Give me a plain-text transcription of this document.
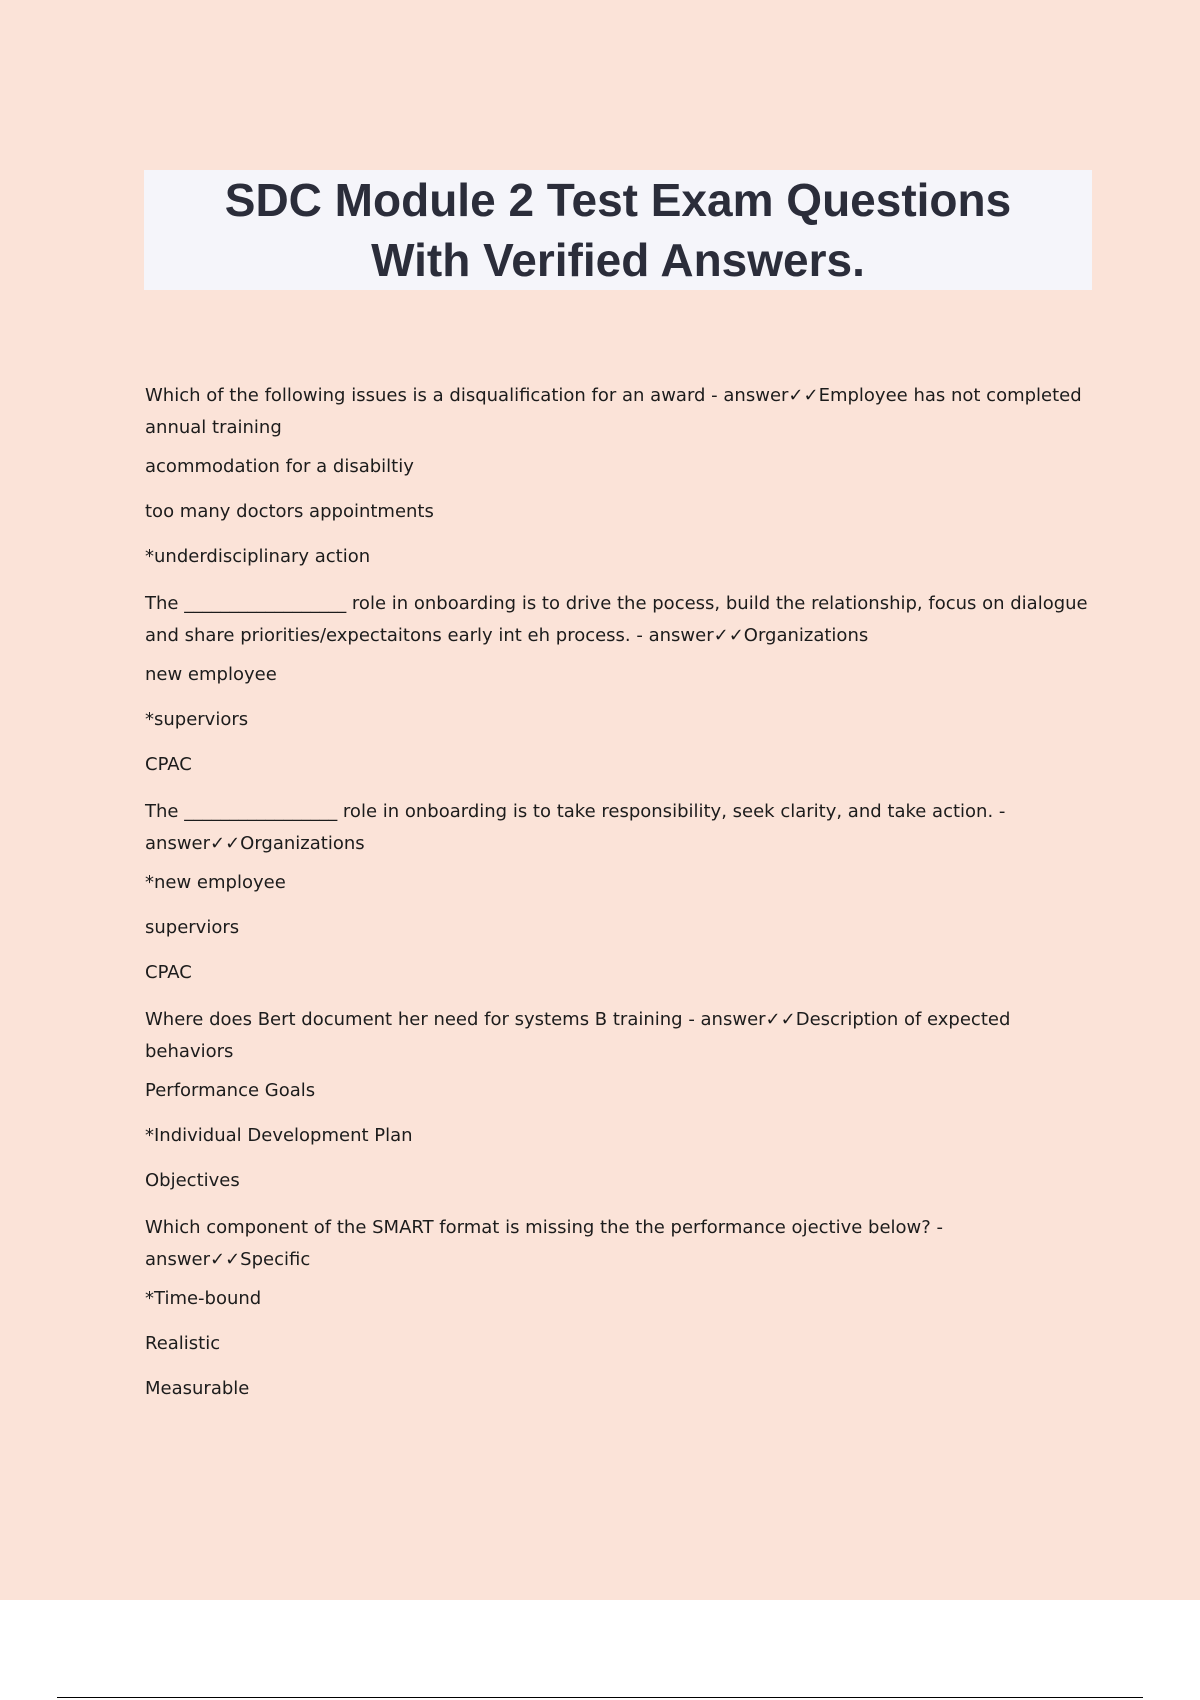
SDC Module 2 Test Exam Questions
With Verified Answers.
Which of the following issues is a disqualification for an award - answer✓✓Employee has not completed annual training
acommodation for a disabiltiy
too many doctors appointments
*underdisciplinary action
The __________________ role in onboarding is to drive the pocess, build the relationship, focus on dialogue and share priorities/expectaitons early int eh process. - answer✓✓Organizations
new employee
*superviors
CPAC
The _________________ role in onboarding is to take responsibility, seek clarity, and take action. - answer✓✓Organizations
*new employee
superviors
CPAC
Where does Bert document her need for systems B training - answer✓✓Description of expected behaviors
Performance Goals
*Individual Development Plan
Objectives
Which component of the SMART format is missing the the performance ojective below? - answer✓✓Specific
*Time-bound
Realistic
Measurable
